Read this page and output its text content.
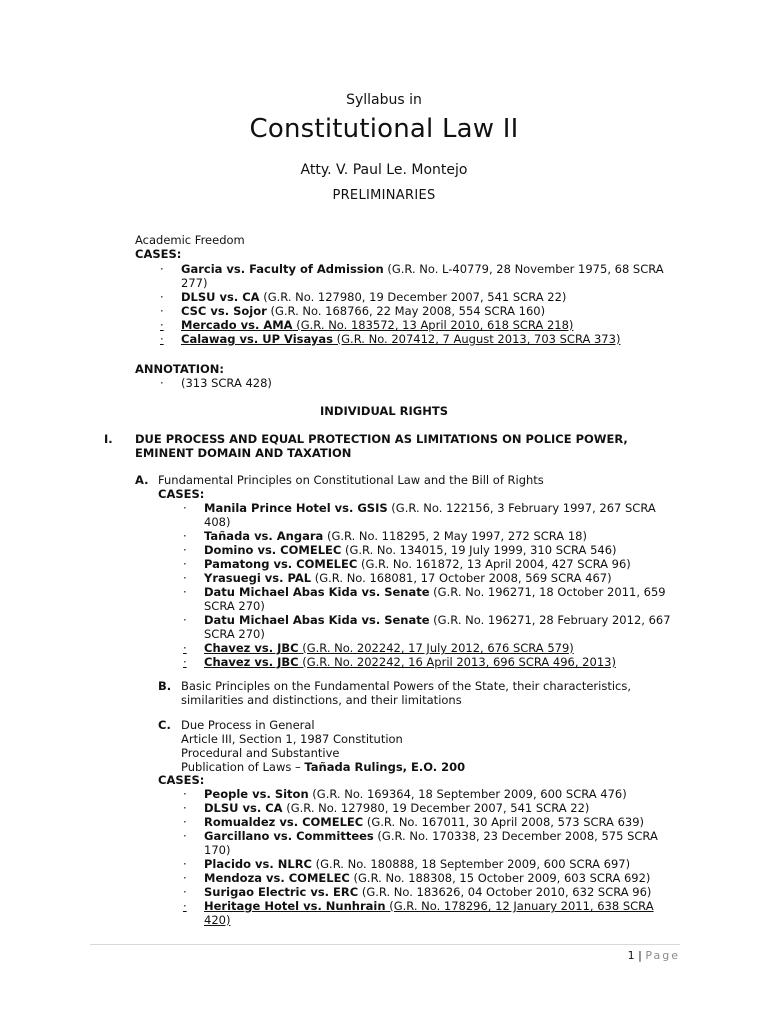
Syllabus in
Constitutional Law II
Atty. V. Paul Le. Montejo
PRELIMINARIES
Academic Freedom
CASES:
· Garcia vs. Faculty of Admission (G.R. No. L-40779, 28 November 1975, 68 SCRA 277)
· DLSU vs. CA (G.R. No. 127980, 19 December 2007, 541 SCRA 22)
· CSC vs. Sojor (G.R. No. 168766, 22 May 2008, 554 SCRA 160)
· Mercado vs. AMA (G.R. No. 183572, 13 April 2010, 618 SCRA 218)
· Calawag vs. UP Visayas (G.R. No. 207412, 7 August 2013, 703 SCRA 373)
ANNOTATION:
· (313 SCRA 428)
INDIVIDUAL RIGHTS
I. DUE PROCESS AND EQUAL PROTECTION AS LIMITATIONS ON POLICE POWER, EMINENT DOMAIN AND TAXATION
A. Fundamental Principles on Constitutional Law and the Bill of Rights
CASES:
· Manila Prince Hotel vs. GSIS (G.R. No. 122156, 3 February 1997, 267 SCRA 408)
· Tañada vs. Angara (G.R. No. 118295, 2 May 1997, 272 SCRA 18)
· Domino vs. COMELEC (G.R. No. 134015, 19 July 1999, 310 SCRA 546)
· Pamatong vs. COMELEC (G.R. No. 161872, 13 April 2004, 427 SCRA 96)
· Yrasuegi vs. PAL (G.R. No. 168081, 17 October 2008, 569 SCRA 467)
· Datu Michael Abas Kida vs. Senate (G.R. No. 196271, 18 October 2011, 659 SCRA 270)
· Datu Michael Abas Kida vs. Senate (G.R. No. 196271, 28 February 2012, 667 SCRA 270)
· Chavez vs. JBC (G.R. No. 202242, 17 July 2012, 676 SCRA 579)
· Chavez vs. JBC (G.R. No. 202242, 16 April 2013, 696 SCRA 496, 2013)
B. Basic Principles on the Fundamental Powers of the State, their characteristics, similarities and distinctions, and their limitations
C. Due Process in General
Article III, Section 1, 1987 Constitution
Procedural and Substantive
Publication of Laws – Tañada Rulings, E.O. 200
CASES:
· People vs. Siton (G.R. No. 169364, 18 September 2009, 600 SCRA 476)
· DLSU vs. CA (G.R. No. 127980, 19 December 2007, 541 SCRA 22)
· Romualdez vs. COMELEC (G.R. No. 167011, 30 April 2008, 573 SCRA 639)
· Garcillano vs. Committees (G.R. No. 170338, 23 December 2008, 575 SCRA 170)
· Placido vs. NLRC (G.R. No. 180888, 18 September 2009, 600 SCRA 697)
· Mendoza vs. COMELEC (G.R. No. 188308, 15 October 2009, 603 SCRA 692)
· Surigao Electric vs. ERC (G.R. No. 183626, 04 October 2010, 632 SCRA 96)
· Heritage Hotel vs. Nunhrain (G.R. No. 178296, 12 January 2011, 638 SCRA 420)
1 | Page
